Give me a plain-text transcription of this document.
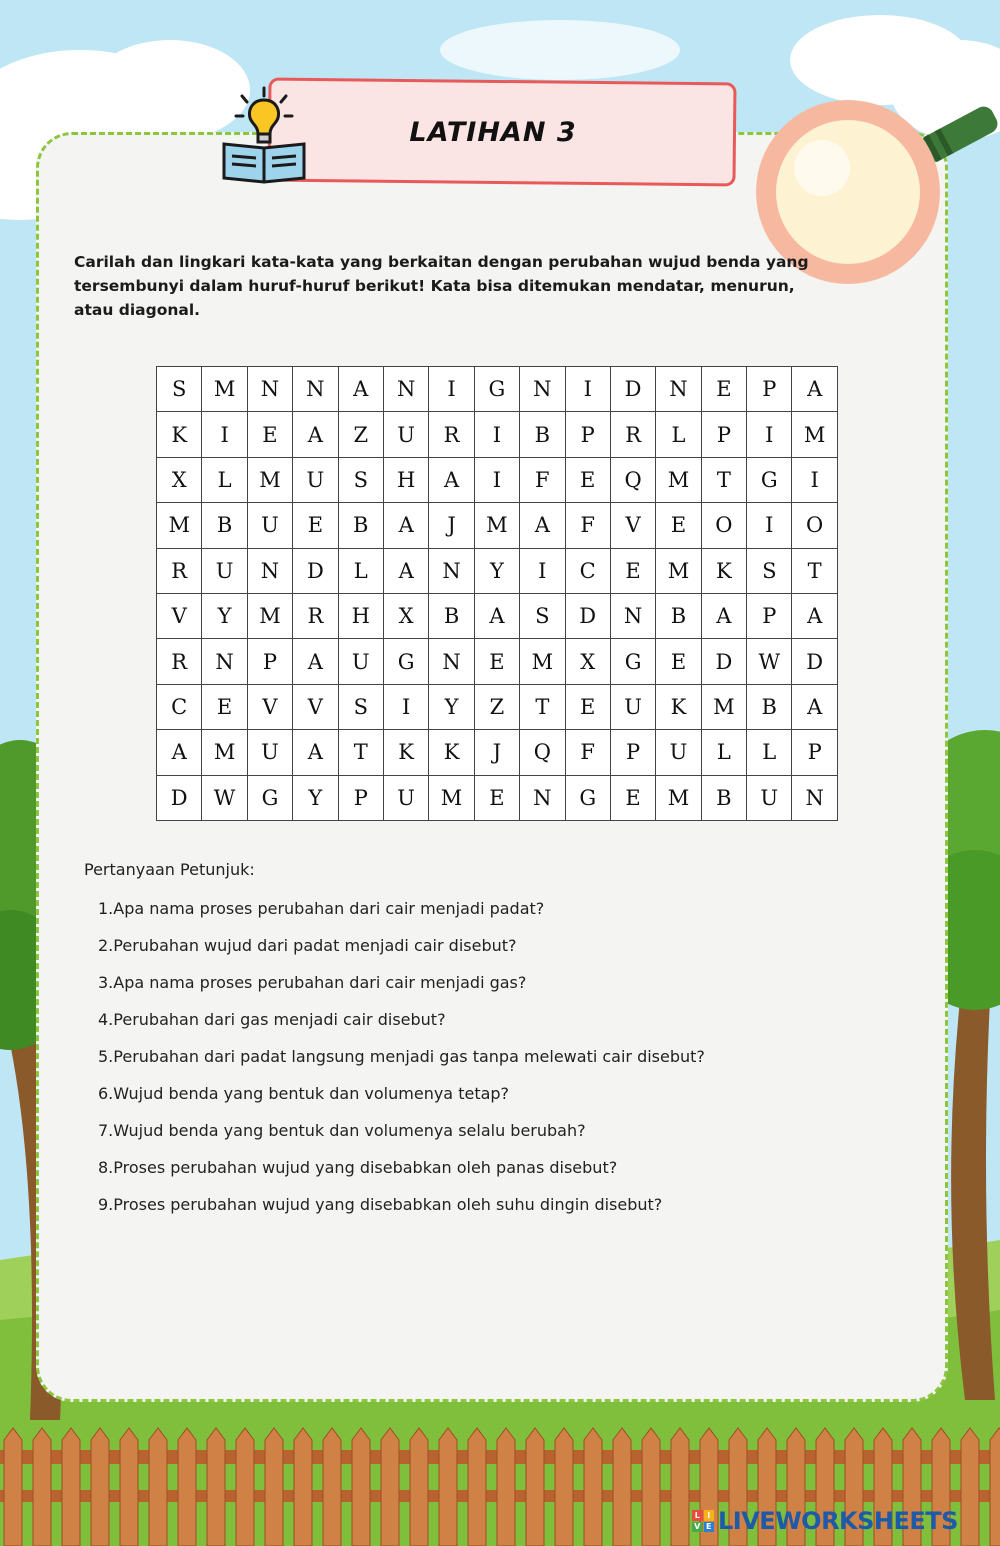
LATIHAN 3
Carilah dan lingkari kata-kata yang berkaitan dengan perubahan wujud benda yang tersembunyi dalam huruf-huruf berikut! Kata bisa ditemukan mendatar, menurun, atau diagonal.
S	M	N	N	A	N	I	G	N	I	D	N	E	P	A
K	I	E	A	Z	U	R	I	B	P	R	L	P	I	M
X	L	M	U	S	H	A	I	F	E	Q	M	T	G	I
M	B	U	E	B	A	J	M	A	F	V	E	O	I	O
R	U	N	D	L	A	N	Y	I	C	E	M	K	S	T
V	Y	M	R	H	X	B	A	S	D	N	B	A	P	A
R	N	P	A	U	G	N	E	M	X	G	E	D	W	D
C	E	V	V	S	I	Y	Z	T	E	U	K	M	B	A
A	M	U	A	T	K	K	J	Q	F	P	U	L	L	P
D	W	G	Y	P	U	M	E	N	G	E	M	B	U	N
Pertanyaan Petunjuk:
1.Apa nama proses perubahan dari cair menjadi padat?
2.Perubahan wujud dari padat menjadi cair disebut?
3.Apa nama proses perubahan dari cair menjadi gas?
4.Perubahan dari gas menjadi cair disebut?
5.Perubahan dari padat langsung menjadi gas tanpa melewati cair disebut?
6.Wujud benda yang bentuk dan volumenya tetap?
7.Wujud benda yang bentuk dan volumenya selalu berubah?
8.Proses perubahan wujud yang disebabkan oleh panas disebut?
9.Proses perubahan wujud yang disebabkan oleh suhu dingin disebut?
L I
V E LIVEWORKSHEETS
